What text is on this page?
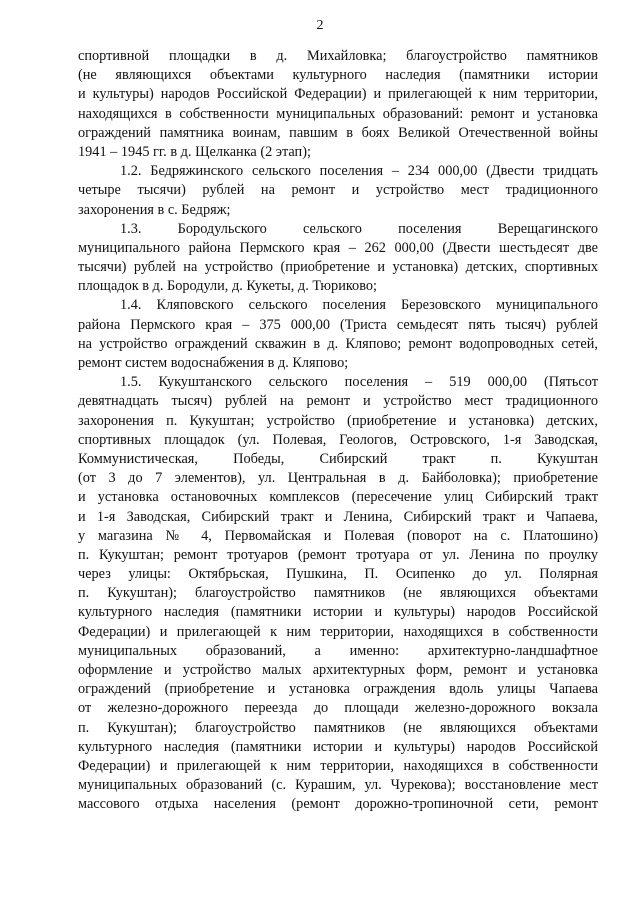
2
спортивной площадки в д. Михайловка; благоустройство памятников
(не являющихся объектами культурного наследия (памятники истории
и культуры) народов Российской Федерации) и прилегающей к ним территории,
находящихся в собственности муниципальных образований: ремонт и установка
ограждений памятника воинам, павшим в боях Великой Отечественной войны
1941 – 1945 гг. в д. Щелканка (2 этап);
1.2. Бедряжинского сельского поселения – 234 000,00 (Двести тридцать
четыре тысячи) рублей на ремонт и устройство мест традиционного
захоронения в с. Бедряж;
1.3. Бородульского сельского поселения Верещагинского
муниципального района Пермского края – 262 000,00 (Двести шестьдесят две
тысячи) рублей на устройство (приобретение и установка) детских, спортивных
площадок в д. Бородули, д. Кукеты, д. Тюриково;
1.4. Кляповского сельского поселения Березовского муниципального
района Пермского края – 375 000,00 (Триста семьдесят пять тысяч) рублей
на устройство ограждений скважин в д. Кляпово; ремонт водопроводных сетей,
ремонт систем водоснабжения в д. Кляпово;
1.5. Кукуштанского сельского поселения – 519 000,00 (Пятьсот
девятнадцать тысяч) рублей на ремонт и устройство мест традиционного
захоронения п. Кукуштан; устройство (приобретение и установка) детских,
спортивных площадок (ул. Полевая, Геологов, Островского, 1-я Заводская,
Коммунистическая, Победы, Сибирский тракт п. Кукуштан
(от 3 до 7 элементов), ул. Центральная в д. Байболовка); приобретение
и установка остановочных комплексов (пересечение улиц Сибирский тракт
и 1-я Заводская, Сибирский тракт и Ленина, Сибирский тракт и Чапаева,
у магазина № 4, Первомайская и Полевая (поворот на с. Платошино)
п. Кукуштан; ремонт тротуаров (ремонт тротуара от ул. Ленина по проулку
через улицы: Октябрьская, Пушкина, П. Осипенко до ул. Полярная
п. Кукуштан); благоустройство памятников (не являющихся объектами
культурного наследия (памятники истории и культуры) народов Российской
Федерации) и прилегающей к ним территории, находящихся в собственности
муниципальных образований, а именно: архитектурно-ландшафтное
оформление и устройство малых архитектурных форм, ремонт и установка
ограждений (приобретение и установка ограждения вдоль улицы Чапаева
от железно-дорожного переезда до площади железно-дорожного вокзала
п. Кукуштан); благоустройство памятников (не являющихся объектами
культурного наследия (памятники истории и культуры) народов Российской
Федерации) и прилегающей к ним территории, находящихся в собственности
муниципальных образований (с. Курашим, ул. Чурекова); восстановление мест
массового отдыха населения (ремонт дорожно-тропиночной сети, ремонт
